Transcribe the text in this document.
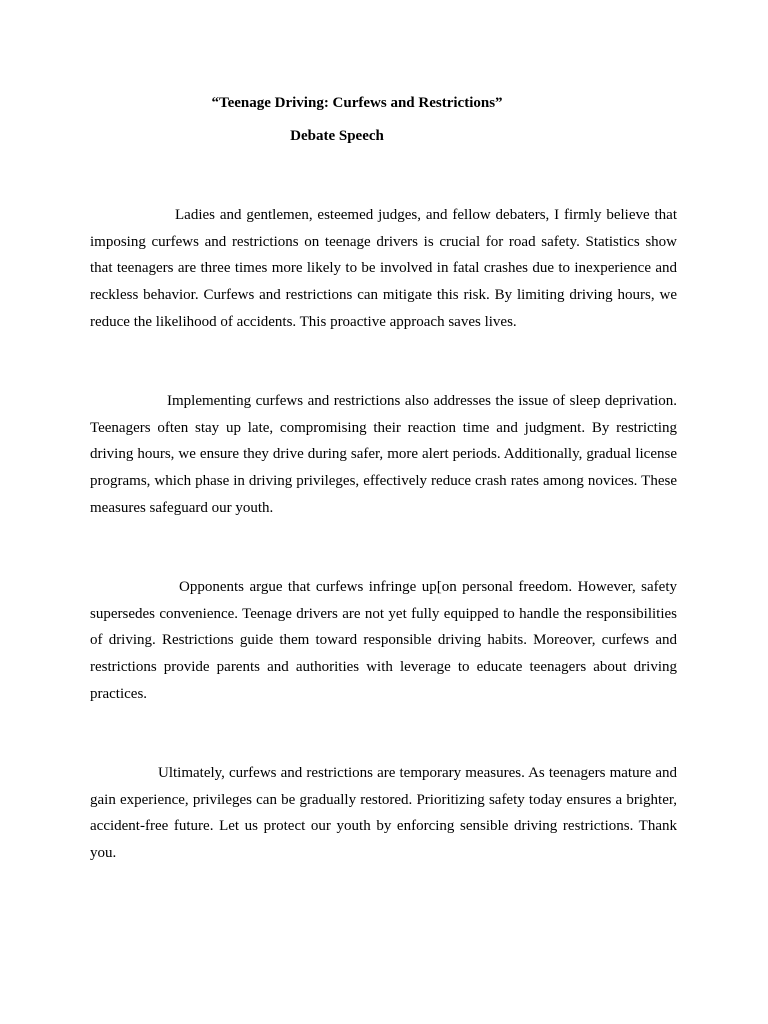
“Teenage Driving: Curfews and Restrictions”
Debate Speech

Ladies and gentlemen, esteemed judges, and fellow debaters, I firmly believe that imposing curfews and restrictions on teenage drivers is crucial for road safety. Statistics show that teenagers are three times more likely to be involved in fatal crashes due to inexperience and reckless behavior. Curfews and restrictions can mitigate this risk. By limiting driving hours, we reduce the likelihood of accidents. This proactive approach saves lives.

Implementing curfews and restrictions also addresses the issue of sleep deprivation. Teenagers often stay up late, compromising their reaction time and judgment. By restricting driving hours, we ensure they drive during safer, more alert periods. Additionally, gradual license programs, which phase in driving privileges, effectively reduce crash rates among novices. These measures safeguard our youth.

Opponents argue that curfews infringe up[on personal freedom. However, safety supersedes convenience. Teenage drivers are not yet fully equipped to handle the responsibilities of driving. Restrictions guide them toward responsible driving habits. Moreover, curfews and restrictions provide parents and authorities with leverage to educate teenagers about driving practices.

Ultimately, curfews and restrictions are temporary measures. As teenagers mature and gain experience, privileges can be gradually restored. Prioritizing safety today ensures a brighter, accident-free future. Let us protect our youth by enforcing sensible driving restrictions. Thank you.
